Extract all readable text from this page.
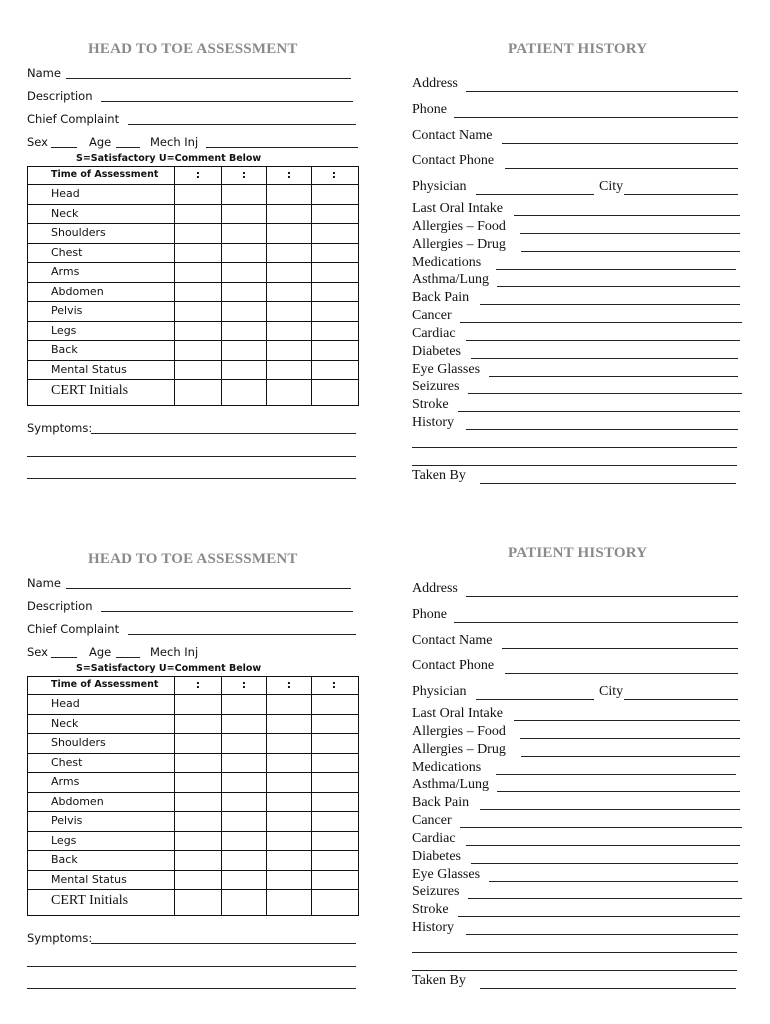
HEAD TO TOE ASSESSMENT
Name
Description
Chief Complaint
Sex	Age	Mech Inj
S=Satisfactory U=Comment Below
Time of Assessment	:	:	:	:
Head
Neck
Shoulders
Chest
Arms
Abdomen
Pelvis
Legs
Back
Mental Status
CERT Initials
Symptoms:
PATIENT HISTORY
Address
Phone
Contact Name
Contact Phone
Physician	City
Last Oral Intake
Allergies – Food
Allergies – Drug
Medications
Asthma/Lung
Back Pain
Cancer
Cardiac
Diabetes
Eye Glasses
Seizures
Stroke
History
Taken By
HEAD TO TOE ASSESSMENT
Name
Description
Chief Complaint
Sex	Age	Mech Inj
S=Satisfactory U=Comment Below
Time of Assessment	:	:	:	:
Head
Neck
Shoulders
Chest
Arms
Abdomen
Pelvis
Legs
Back
Mental Status
CERT Initials
Symptoms:
PATIENT HISTORY
Address
Phone
Contact Name
Contact Phone
Physician	City
Last Oral Intake
Allergies – Food
Allergies – Drug
Medications
Asthma/Lung
Back Pain
Cancer
Cardiac
Diabetes
Eye Glasses
Seizures
Stroke
History
Taken By
